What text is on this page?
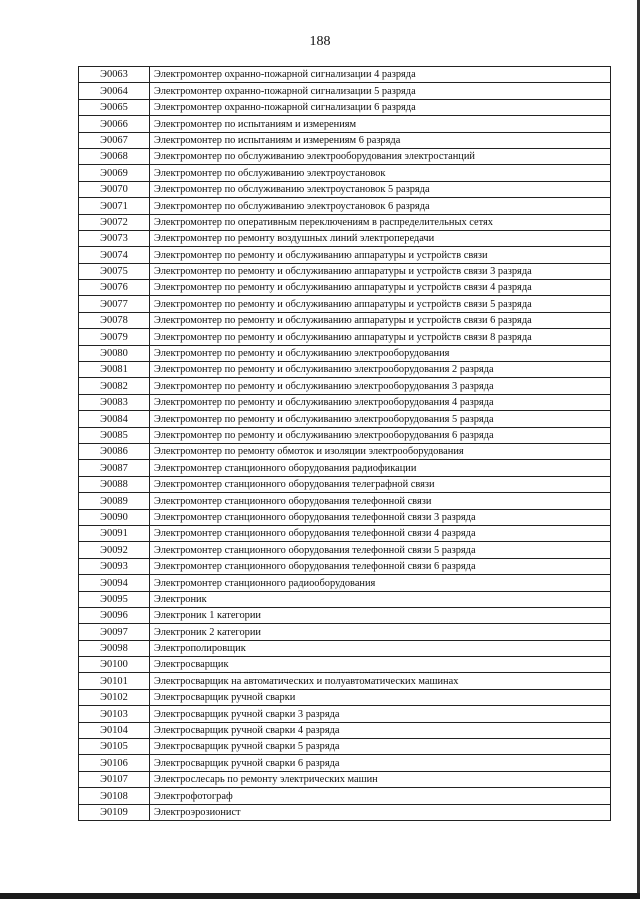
188
Э0063	Электромонтер охранно-пожарной сигнализации 4 разряда
Э0064	Электромонтер охранно-пожарной сигнализации 5 разряда
Э0065	Электромонтер охранно-пожарной сигнализации 6 разряда
Э0066	Электромонтер по испытаниям и измерениям
Э0067	Электромонтер по испытаниям и измерениям 6 разряда
Э0068	Электромонтер по обслуживанию электрооборудования электростанций
Э0069	Электромонтер по обслуживанию электроустановок
Э0070	Электромонтер по обслуживанию электроустановок 5 разряда
Э0071	Электромонтер по обслуживанию электроустановок 6 разряда
Э0072	Электромонтер по оперативным переключениям в распределительных сетях
Э0073	Электромонтер по ремонту воздушных линий электропередачи
Э0074	Электромонтер по ремонту и обслуживанию аппаратуры и устройств связи
Э0075	Электромонтер по ремонту и обслуживанию аппаратуры и устройств связи 3 разряда
Э0076	Электромонтер по ремонту и обслуживанию аппаратуры и устройств связи 4 разряда
Э0077	Электромонтер по ремонту и обслуживанию аппаратуры и устройств связи 5 разряда
Э0078	Электромонтер по ремонту и обслуживанию аппаратуры и устройств связи 6 разряда
Э0079	Электромонтер по ремонту и обслуживанию аппаратуры и устройств связи 8 разряда
Э0080	Электромонтер по ремонту и обслуживанию электрооборудования
Э0081	Электромонтер по ремонту и обслуживанию электрооборудования 2 разряда
Э0082	Электромонтер по ремонту и обслуживанию электрооборудования 3 разряда
Э0083	Электромонтер по ремонту и обслуживанию электрооборудования 4 разряда
Э0084	Электромонтер по ремонту и обслуживанию электрооборудования 5 разряда
Э0085	Электромонтер по ремонту и обслуживанию электрооборудования 6 разряда
Э0086	Электромонтер по ремонту обмоток и изоляции электрооборудования
Э0087	Электромонтер станционного оборудования радиофикации
Э0088	Электромонтер станционного оборудования телеграфной связи
Э0089	Электромонтер станционного оборудования телефонной связи
Э0090	Электромонтер станционного оборудования телефонной связи 3 разряда
Э0091	Электромонтер станционного оборудования телефонной связи 4 разряда
Э0092	Электромонтер станционного оборудования телефонной связи 5 разряда
Э0093	Электромонтер станционного оборудования телефонной связи 6 разряда
Э0094	Электромонтер станционного радиооборудования
Э0095	Электроник
Э0096	Электроник 1 категории
Э0097	Электроник 2 категории
Э0098	Электрополировщик
Э0100	Электросварщик
Э0101	Электросварщик на автоматических и полуавтоматических машинах
Э0102	Электросварщик ручной сварки
Э0103	Электросварщик ручной сварки 3 разряда
Э0104	Электросварщик ручной сварки 4 разряда
Э0105	Электросварщик ручной сварки 5 разряда
Э0106	Электросварщик ручной сварки 6 разряда
Э0107	Электрослесарь по ремонту электрических машин
Э0108	Электрофотограф
Э0109	Электроэрозионист
